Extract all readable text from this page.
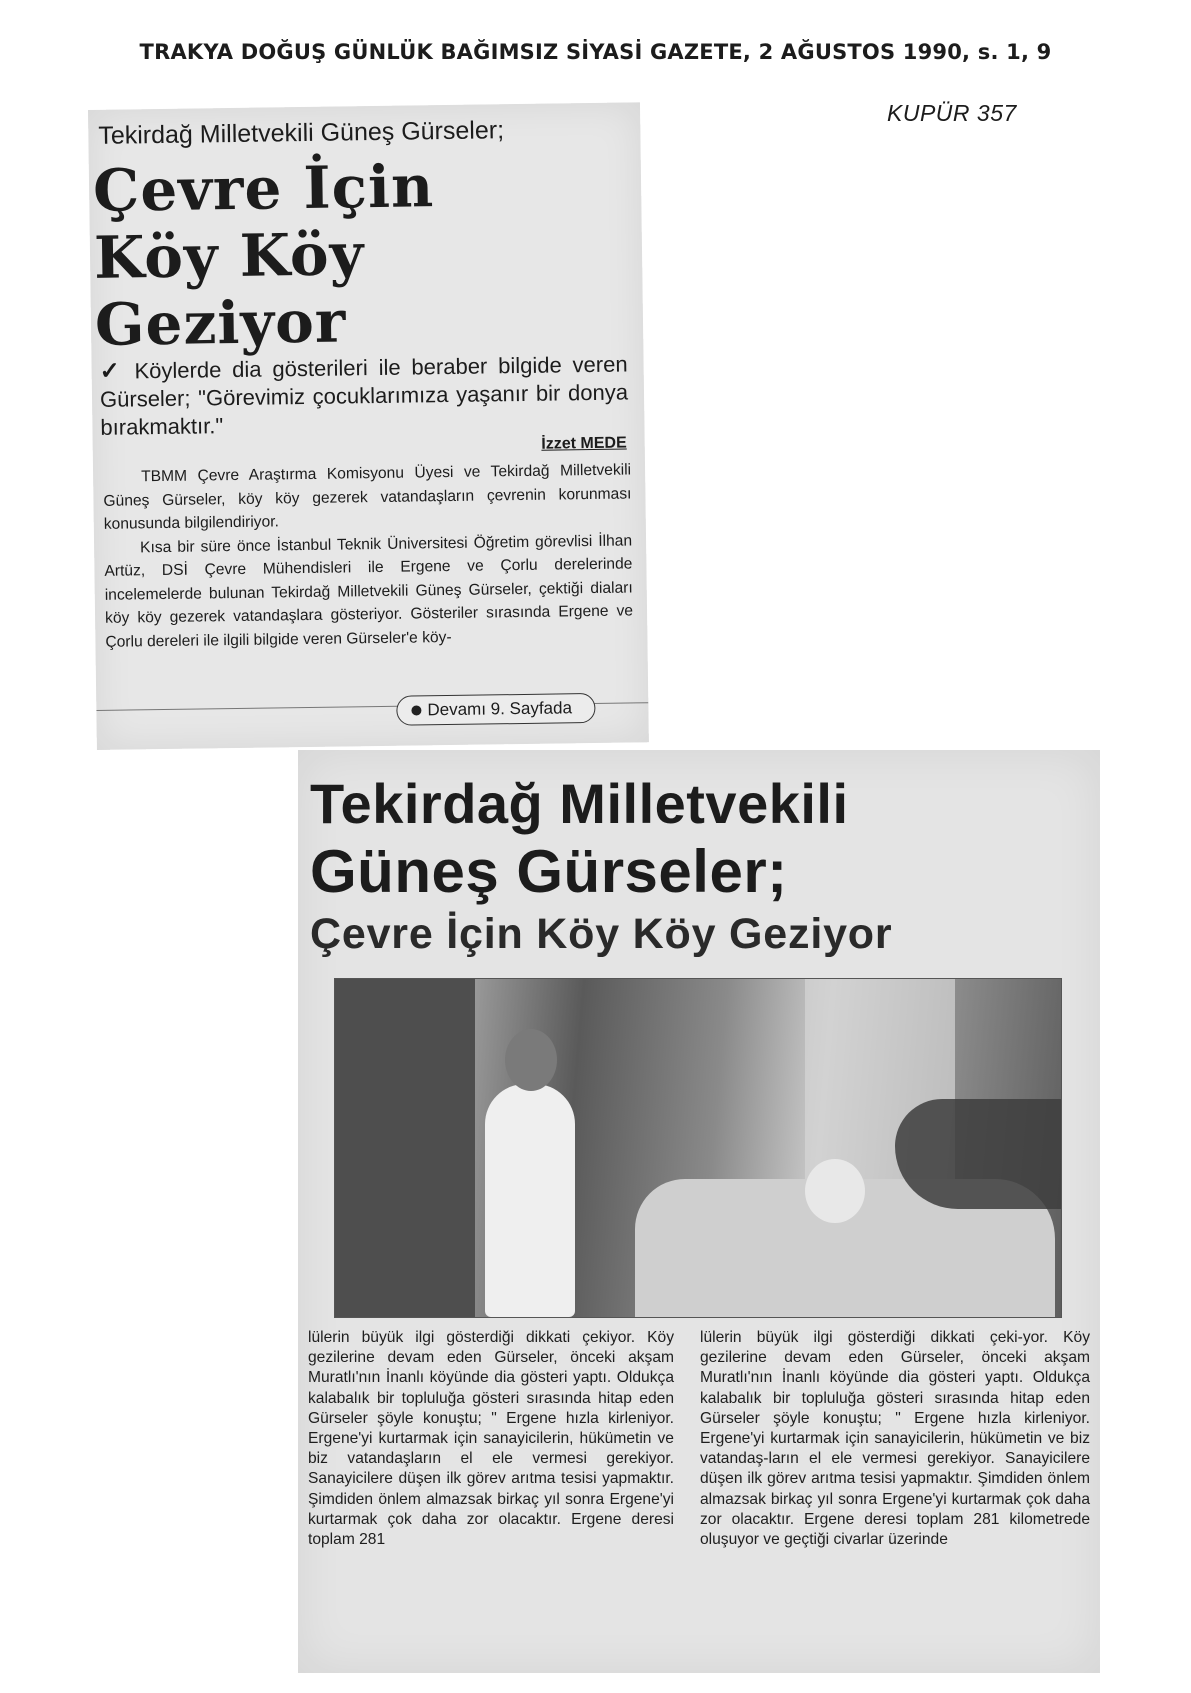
TRAKYA DOĞUŞ GÜNLÜK BAĞIMSIZ SİYASİ GAZETE, 2 AĞUSTOS 1990, s. 1, 9
KUPÜR 357
Tekirdağ Milletvekili Güneş Gürseler;
Çevre İçin
Köy Köy
Geziyor
✓ Köylerde dia gösterileri ile beraber bilgide veren Gürseler; "Görevimiz çocuklarımıza yaşanır bir donya bırakmaktır."
İzzet MEDE

TBMM Çevre Araştırma Komisyonu Üyesi ve Tekirdağ Milletvekili Güneş Gürseler, köy köy gezerek vatandaşların çevrenin korunması konusunda bilgilendiriyor.

Kısa bir süre önce İstanbul Teknik Üniversitesi Öğretim görevlisi İlhan Artüz, DSİ Çevre Mühendisleri ile Ergene ve Çorlu derelerinde incelemelerde bulunan Tekirdağ Milletvekili Güneş Gürseler, çektiği diaları köy köy gezerek vatandaşlara gösteriyor. Gösteriler sırasında Ergene ve Çorlu dereleri ile ilgili bilgide veren Gürseler'e köy-

Devamı 9. Sayfada
Tekirdağ Milletvekili
Güneş Gürseler;
Çevre İçin Köy Köy Geziyor

lülerin büyük ilgi gösterdiği dikkati çekiyor. Köy gezilerine devam eden Gürseler, önceki akşam Muratlı'nın İnanlı köyünde dia gösteri yaptı. Oldukça kalabalık bir topluluğa gösteri sırasında hitap eden Gürseler şöyle konuştu; " Ergene hızla kirleniyor. Ergene'yi kurtarmak için sanayicilerin, hükümetin ve biz vatandaşların el ele vermesi gerekiyor. Sanayicilere düşen ilk görev arıtma tesisi yapmaktır. Şimdiden önlem almazsak birkaç yıl sonra Ergene'yi kurtarmak çok daha zor olacaktır. Ergene deresi toplam 281

lülerin büyük ilgi gösterdiği dikkati çeki-yor. Köy gezilerine devam eden Gürseler, önceki akşam Muratlı'nın İnanlı köyünde dia gösteri yaptı. Oldukça kalabalık bir topluluğa gösteri sırasında hitap eden Gürseler şöyle konuştu; " Ergene hızla kirleniyor. Ergene'yi kurtarmak için sanayicilerin, hükümetin ve biz vatandaş-ların el ele vermesi gerekiyor. Sanayicilere düşen ilk görev arıtma tesisi yapmaktır. Şimdiden önlem almazsak birkaç yıl sonra Ergene'yi kurtarmak çok daha zor olacaktır. Ergene deresi toplam 281 kilometrede oluşuyor ve geçtiği civarlar üzerinde
